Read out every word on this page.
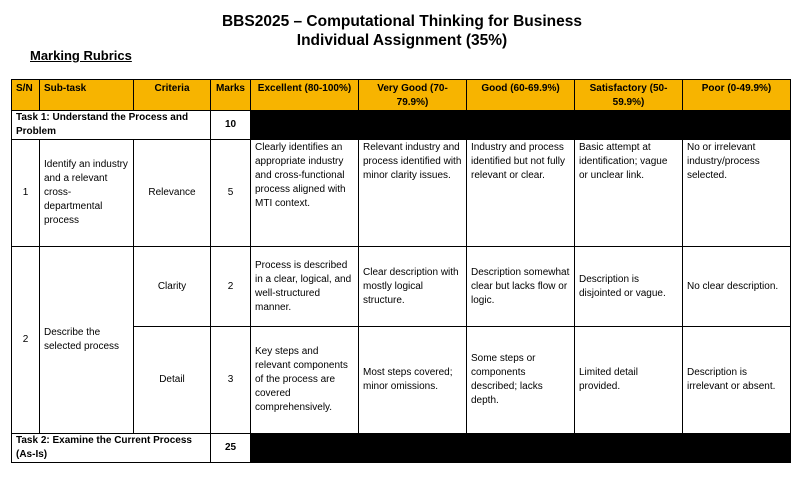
BBS2025 – Computational Thinking for Business
Individual Assignment (35%)
Marking Rubrics
S/N	Sub-task	Criteria	Marks	Excellent (80-100%)	Very Good (70-79.9%)	Good (60-69.9%)	Satisfactory (50-59.9%)	Poor (0-49.9%)
Task 1: Understand the Process and Problem			10					
1	Identify an industry and a relevant cross-departmental process	Relevance	5	Clearly identifies an appropriate industry and cross-functional process aligned with MTI context.	Relevant industry and process identified with minor clarity issues.	Industry and process identified but not fully relevant or clear.	Basic attempt at identification; vague or unclear link.	No or irrelevant industry/process selected.
2	Describe the selected process	Clarity	2	Process is described in a clear, logical, and well-structured manner.	Clear description with mostly logical structure.	Description somewhat clear but lacks flow or logic.	Description is disjointed or vague.	No clear description.
		Detail	3	Key steps and relevant components of the process are covered comprehensively.	Most steps covered; minor omissions.	Some steps or components described; lacks depth.	Limited detail provided.	Description is irrelevant or absent.
Task 2: Examine the Current Process (As-Is)			25					
